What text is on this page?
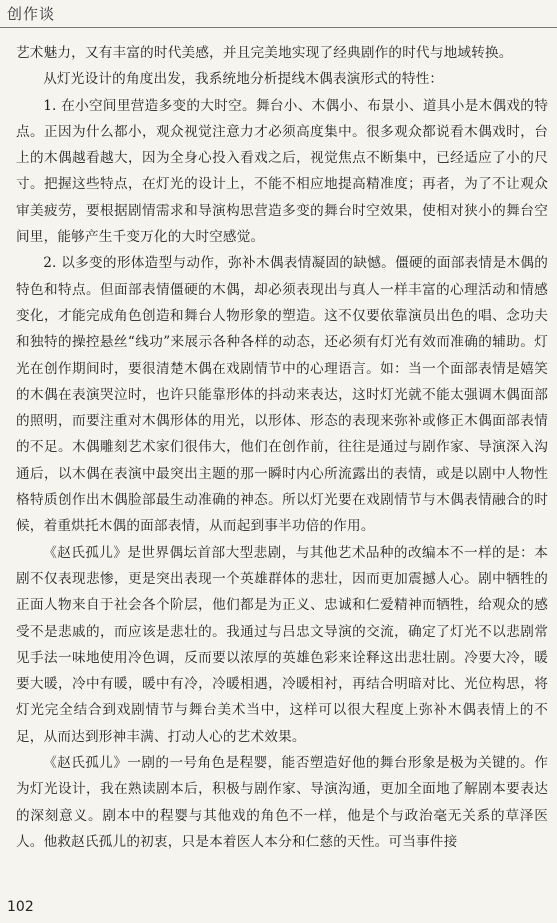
创作谈

艺术魅力，又有丰富的时代美感，并且完美地实现了经典剧作的时代与地域转换。

从灯光设计的角度出发，我系统地分析提线木偶表演形式的特性：

1. 在小空间里营造多变的大时空。舞台小、木偶小、布景小、道具小是木偶戏的特点。正因为什么都小，观众视觉注意力才必须高度集中。很多观众都说看木偶戏时，台上的木偶越看越大，因为全身心投入看戏之后，视觉焦点不断集中，已经适应了小的尺寸。把握这些特点，在灯光的设计上，不能不相应地提高精准度；再者，为了不让观众审美疲劳，要根据剧情需求和导演构思营造多变的舞台时空效果，使相对狭小的舞台空间里，能够产生千变万化的大时空感觉。

2. 以多变的形体造型与动作，弥补木偶表情凝固的缺憾。僵硬的面部表情是木偶的特色和特点。但面部表情僵硬的木偶，却必须表现出与真人一样丰富的心理活动和情感变化，才能完成角色创造和舞台人物形象的塑造。这不仅要依靠演员出色的唱、念功夫和独特的操控悬丝“线功”来展示各种各样的动态，还必须有灯光有效而准确的辅助。灯光在创作期间时，要很清楚木偶在戏剧情节中的心理语言。如：当一个面部表情是嬉笑的木偶在表演哭泣时，也许只能靠形体的抖动来表达，这时灯光就不能太强调木偶面部的照明，而要注重对木偶形体的用光，以形体、形态的表现来弥补或修正木偶面部表情的不足。木偶雕刻艺术家们很伟大，他们在创作前，往往是通过与剧作家、导演深入沟通后，以木偶在表演中最突出主题的那一瞬时内心所流露出的表情，或是以剧中人物性格特质创作出木偶脸部最生动准确的神态。所以灯光要在戏剧情节与木偶表情融合的时候，着重烘托木偶的面部表情，从而起到事半功倍的作用。

《赵氏孤儿》是世界偶坛首部大型悲剧，与其他艺术品种的改编本不一样的是：本剧不仅表现悲惨，更是突出表现一个英雄群体的悲壮，因而更加震撼人心。剧中牺牲的正面人物来自于社会各个阶层，他们都是为正义、忠诚和仁爱精神而牺牲，给观众的感受不是悲戚的，而应该是悲壮的。我通过与吕忠文导演的交流，确定了灯光不以悲剧常见手法一味地使用冷色调，反而要以浓厚的英雄色彩来诠释这出悲壮剧。冷要大冷，暖要大暖，冷中有暖，暖中有冷，冷暖相遇，冷暖相衬，再结合明暗对比、光位构思，将灯光完全结合到戏剧情节与舞台美术当中，这样可以很大程度上弥补木偶表情上的不足，从而达到形神丰满、打动人心的艺术效果。

《赵氏孤儿》一剧的一号角色是程婴，能否塑造好他的舞台形象是极为关键的。作为灯光设计，我在熟读剧本后，积极与剧作家、导演沟通，更加全面地了解剧本要表达的深刻意义。剧本中的程婴与其他戏的角色不一样，他是个与政治毫无关系的草泽医人。他救赵氏孤儿的初衷，只是本着医人本分和仁慈的天性。可当事件接

102
